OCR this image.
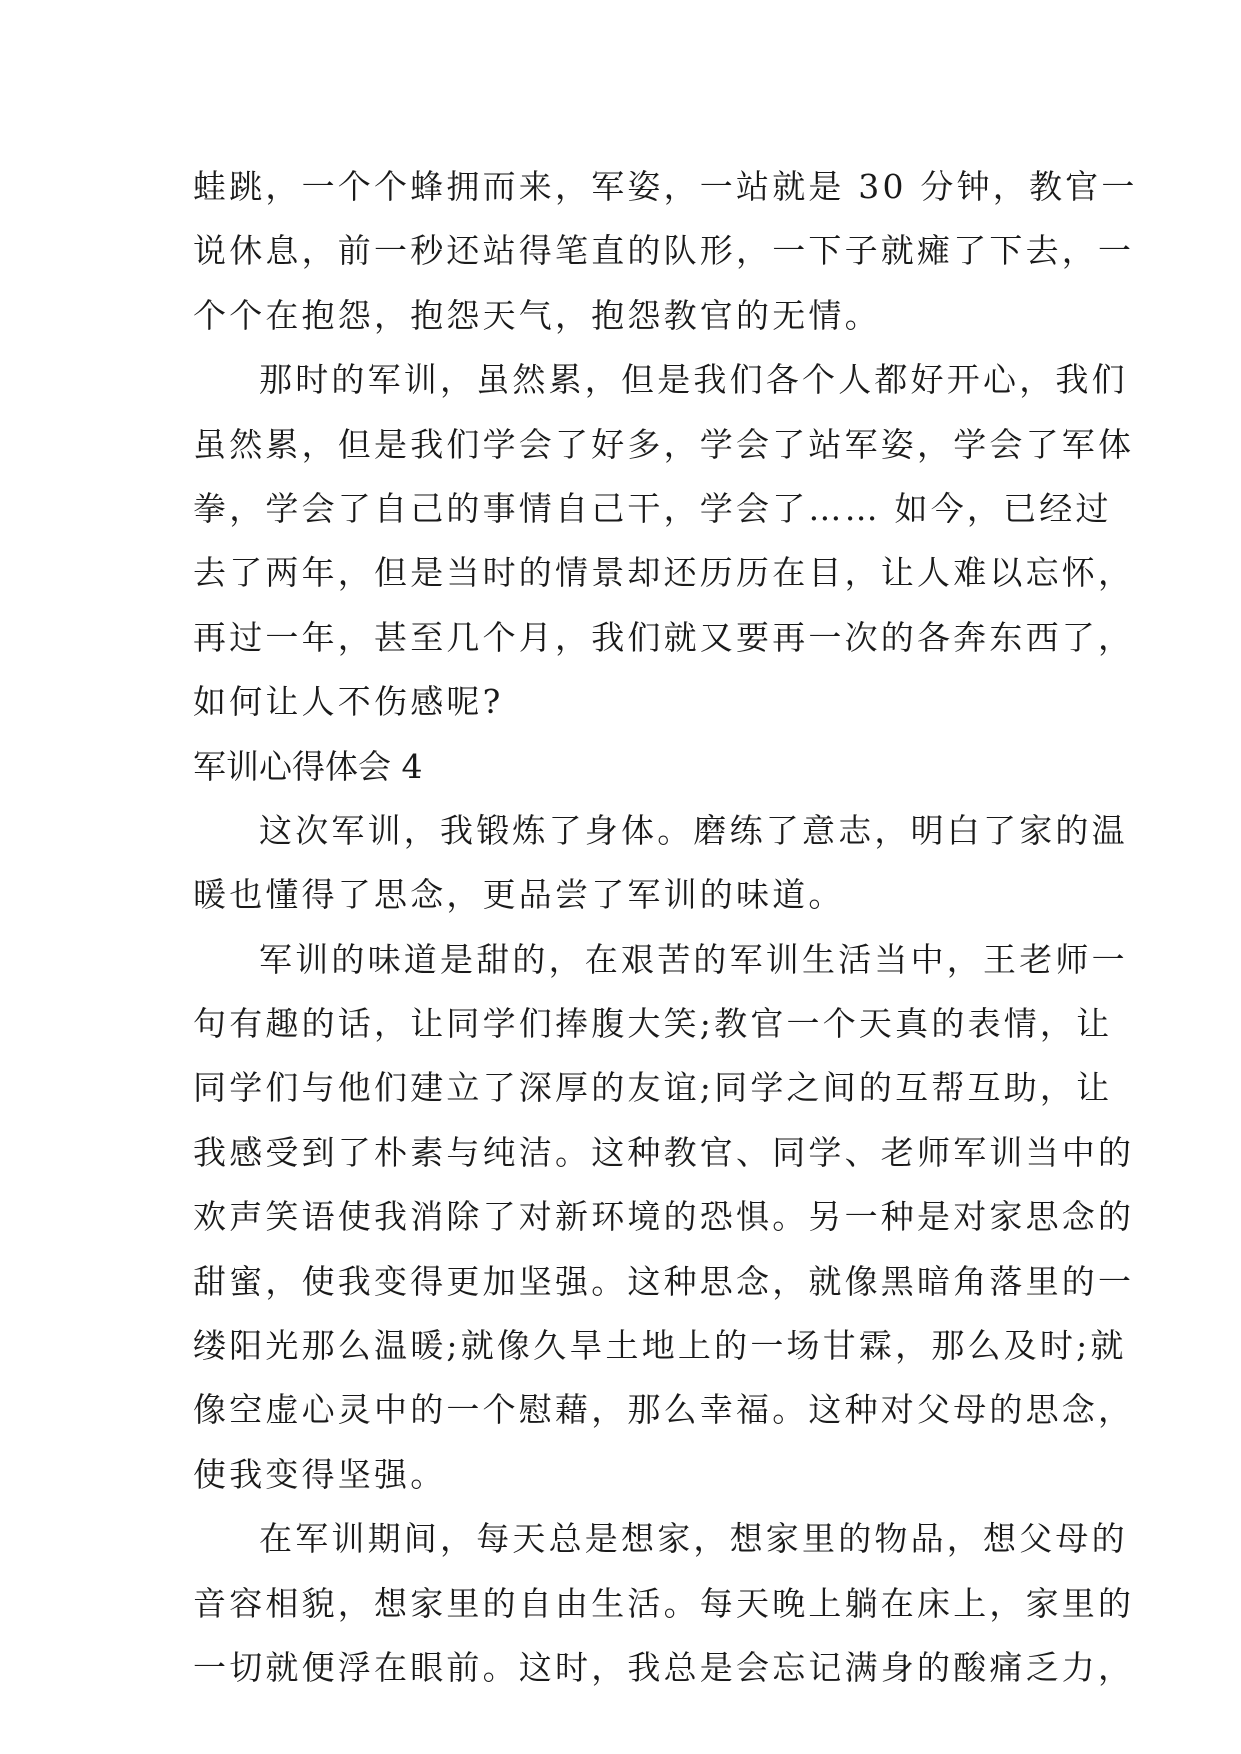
蛙跳，一个个蜂拥而来，军姿，一站就是 30 分钟，教官一
说休息，前一秒还站得笔直的队形，一下子就瘫了下去，一
个个在抱怨，抱怨天气，抱怨教官的无情。
那时的军训，虽然累，但是我们各个人都好开心，我们
虽然累，但是我们学会了好多，学会了站军姿，学会了军体
拳，学会了自己的事情自己干，学会了…… 如今，已经过
去了两年，但是当时的情景却还历历在目，让人难以忘怀，
再过一年，甚至几个月，我们就又要再一次的各奔东西了，
如何让人不伤感呢?
军训心得体会 4
这次军训，我锻炼了身体。磨练了意志，明白了家的温
暖也懂得了思念，更品尝了军训的味道。
军训的味道是甜的，在艰苦的军训生活当中，王老师一
句有趣的话，让同学们捧腹大笑;教官一个天真的表情，让
同学们与他们建立了深厚的友谊;同学之间的互帮互助，让
我感受到了朴素与纯洁。这种教官、同学、老师军训当中的
欢声笑语使我消除了对新环境的恐惧。另一种是对家思念的
甜蜜，使我变得更加坚强。这种思念，就像黑暗角落里的一
缕阳光那么温暖;就像久旱土地上的一场甘霖，那么及时;就
像空虚心灵中的一个慰藉，那么幸福。这种对父母的思念，
使我变得坚强。
在军训期间，每天总是想家，想家里的物品，想父母的
音容相貌，想家里的自由生活。每天晚上躺在床上，家里的
一切就便浮在眼前。这时，我总是会忘记满身的酸痛乏力，
